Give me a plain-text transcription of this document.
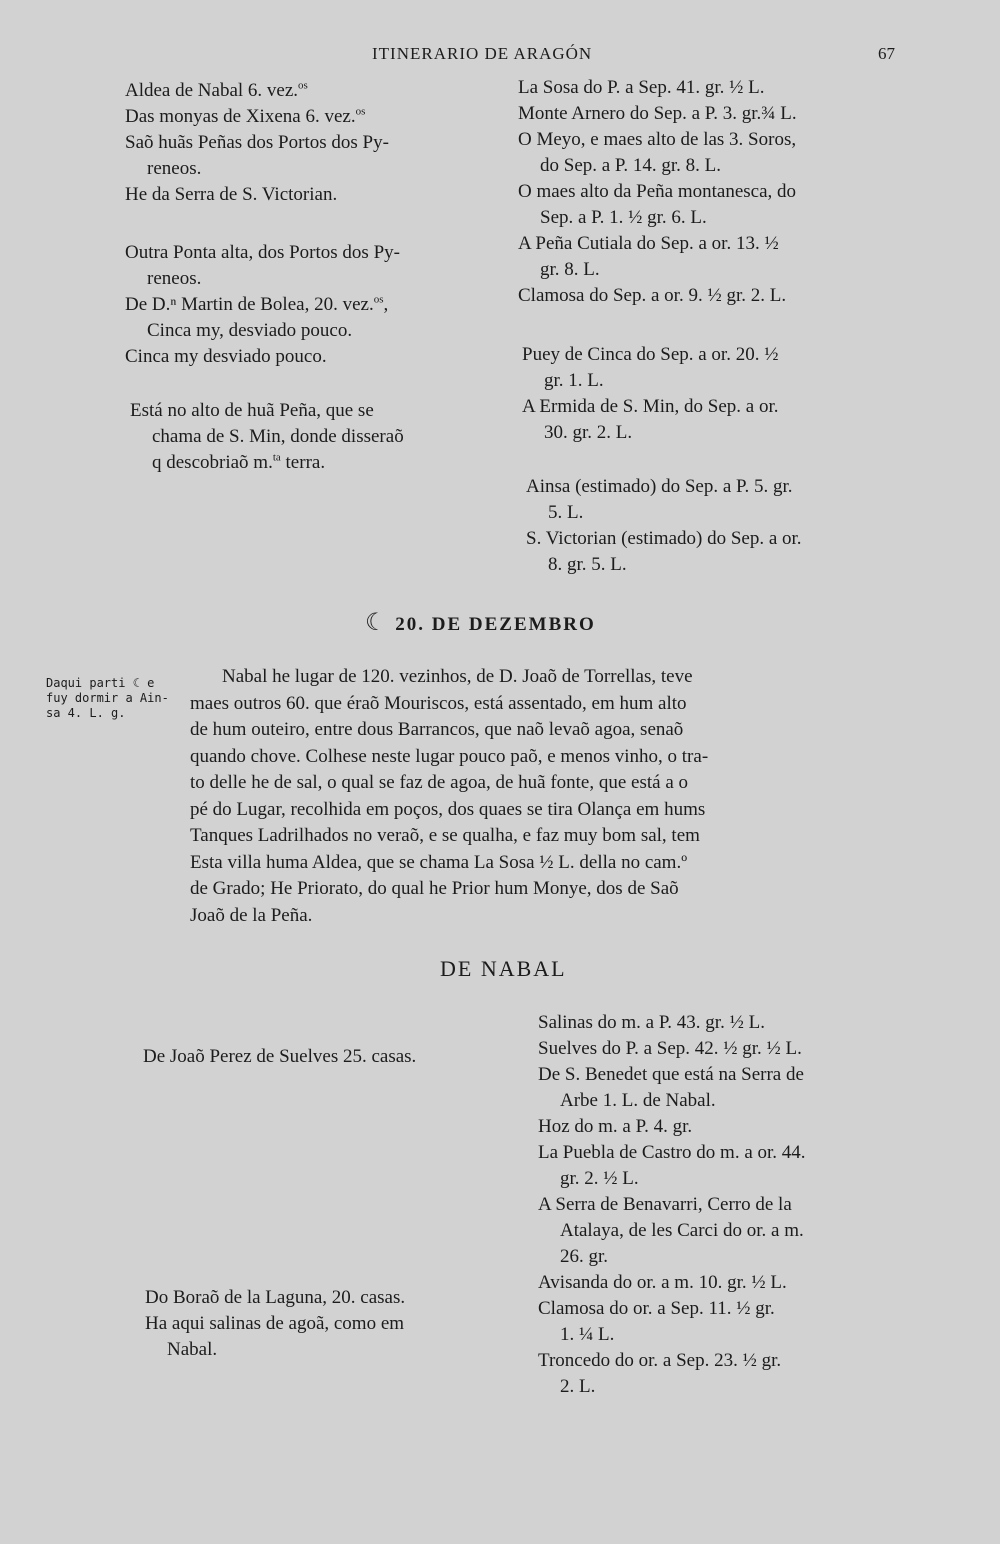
ITINERARIO DE ARAGÓN	67
Aldea de Nabal 6. vez.$^{os}$
Das monyas de Xixena 6. vez.$^{os}$
Saõ huãs Peñas dos Portos dos Py-
reneos.
He da Serra de S. Victorian.
Outra Ponta alta, dos Portos dos Py-
reneos.
De D.ⁿ Martin de Bolea, 20. vez.$^{os}$,
Cinca my, desviado pouco.
Cinca my desviado pouco.
Está no alto de huã Peña, que se
chama de S. Min, donde disseraõ
q descobriaõ m.$^{ta}$ terra.
La Sosa do P. a Sep. 41. gr. ½ L.
Monte Arnero do Sep. a P. 3. gr.¾ L.
O Meyo, e maes alto de las 3. Soros,
do Sep. a P. 14. gr. 8. L.
O maes alto da Peña montanesca, do
Sep. a P. 1. ½ gr. 6. L.
A Peña Cutiala do Sep. a or. 13. ½
gr. 8. L.
Clamosa do Sep. a or. 9. ½ gr. 2. L.
Puey de Cinca do Sep. a or. 20. ½
gr. 1. L.
A Ermida de S. Min, do Sep. a or.
30. gr. 2. L.
Ainsa (estimado) do Sep. a P. 5. gr.
5. L.
S. Victorian (estimado) do Sep. a or.
8. gr. 5. L.
☾ 20. DE DEZEMBRO
Daqui parti ☾ e
fuy dormir a Ain-
sa 4. L. g.
Nabal he lugar de 120. vezinhos, de D. Joaõ de Torrellas, teve
maes outros 60. que éraõ Mouriscos, está assentado, em hum alto
de hum outeiro, entre dous Barrancos, que naõ levaõ agoa, senaõ
quando chove. Colhese neste lugar pouco paõ, e menos vinho, o tra-
to delle he de sal, o qual se faz de agoa, de huã fonte, que está a o
pé do Lugar, recolhida em poços, dos quaes se tira Olança em hums
Tanques Ladrilhados no veraõ, e se qualha, e faz muy bom sal, tem
Esta villa huma Aldea, que se chama La Sosa ½ L. della no cam.º
de Grado; He Priorato, do qual he Prior hum Monye, dos de Saõ
Joaõ de la Peña.
DE NABAL
De Joaõ Perez de Suelves 25. casas.
Do Boraõ de la Laguna, 20. casas.
Ha aqui salinas de agoã, como em
Nabal.
Salinas do m. a P. 43. gr. ½ L.
Suelves do P. a Sep. 42. ½ gr. ½ L.
De S. Benedet que está na Serra de
Arbe 1. L. de Nabal.
Hoz do m. a P. 4. gr.
La Puebla de Castro do m. a or. 44.
gr. 2. ½ L.
A Serra de Benavarri, Cerro de la
Atalaya, de les Carci do or. a m.
26. gr.
Avisanda do or. a m. 10. gr. ½ L.
Clamosa do or. a Sep. 11. ½ gr.
1. ¼ L.
Troncedo do or. a Sep. 23. ½ gr.
2. L.
